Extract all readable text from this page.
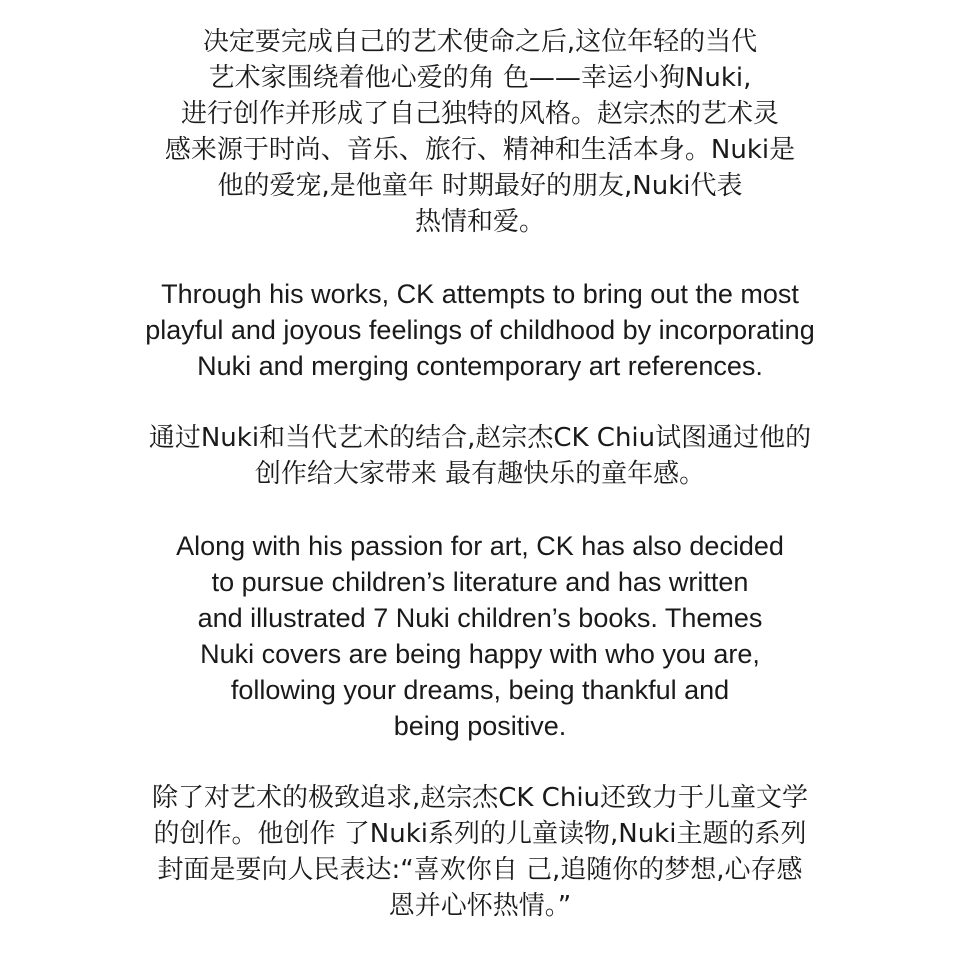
决定要完成自己的艺术使命之后,这位年轻的当代
艺术家围绕着他心爱的角 色——幸运小狗Nuki,
进行创作并形成了自己独特的风格。赵宗杰的艺术灵
感来源于时尚、音乐、旅行、精神和生活本身。Nuki是
他的爱宠,是他童年 时期最好的朋友,Nuki代表
热情和爱。
Through his works, CK attempts to bring out the most
playful and joyous feelings of childhood by incorporating
Nuki and merging contemporary art references.
通过Nuki和当代艺术的结合,赵宗杰CK Chiu试图通过他的
创作给大家带来 最有趣快乐的童年感。
Along with his passion for art, CK has also decided
to pursue children’s literature and has written
and illustrated 7 Nuki children’s books. Themes
Nuki covers are being happy with who you are,
following your dreams, being thankful and
being positive.
除了对艺术的极致追求,赵宗杰CK Chiu还致力于儿童文学
的创作。他创作 了Nuki系列的儿童读物,Nuki主题的系列
封面是要向人民表达:“喜欢你自 己,追随你的梦想,心存感
恩并心怀热情。”
